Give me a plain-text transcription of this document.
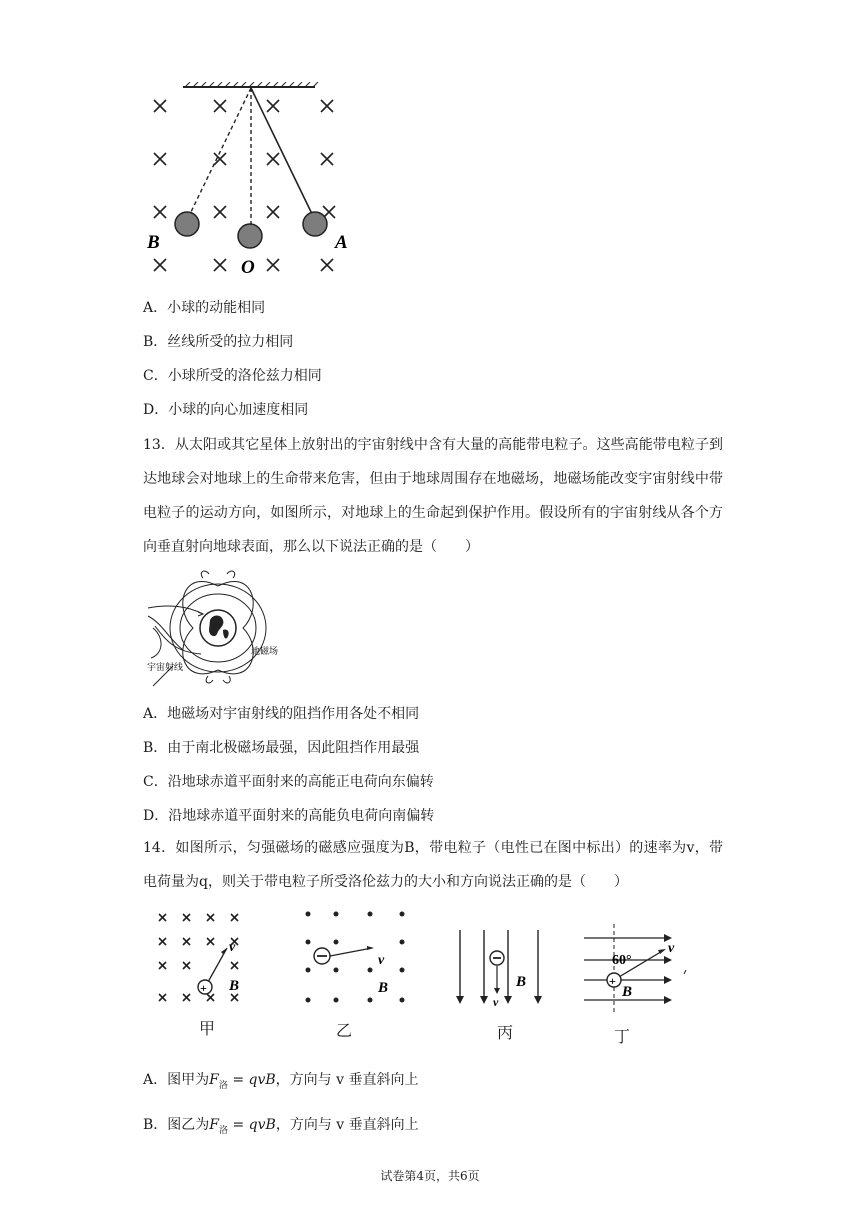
B
O
A
A．小球的动能相同
B．丝线所受的拉力相同
C．小球所受的洛伦兹力相同
D．小球的向心加速度相同
13．从太阳或其它星体上放射出的宇宙射线中含有大量的高能带电粒子。这些高能带电粒子到达地球会对地球上的生命带来危害，但由于地球周围存在地磁场，地磁场能改变宇宙射线中带电粒子的运动方向，如图所示，对地球上的生命起到保护作用。假设所有的宇宙射线从各个方向垂直射向地球表面，那么以下说法正确的是（　　）
宇宙射线
地磁场
A．地磁场对宇宙射线的阻挡作用各处不相同
B．由于南北极磁场最强，因此阻挡作用最强
C．沿地球赤道平面射来的高能正电荷向东偏转
D．沿地球赤道平面射来的高能负电荷向南偏转
14．如图所示，匀强磁场的磁感应强度为B，带电粒子（电性已在图中标出）的速率为v，带电荷量为q，则关于带电粒子所受洛伦兹力的大小和方向说法正确的是（　　）
+
v
B
甲
v
B
乙
v
B
丙
+
60°
v
B
丁
A．图甲为$F_洛$ = qvB，方向与 v 垂直斜向上
B．图乙为$F_洛$ = qvB，方向与 v 垂直斜向上
试卷第4页，共6页
